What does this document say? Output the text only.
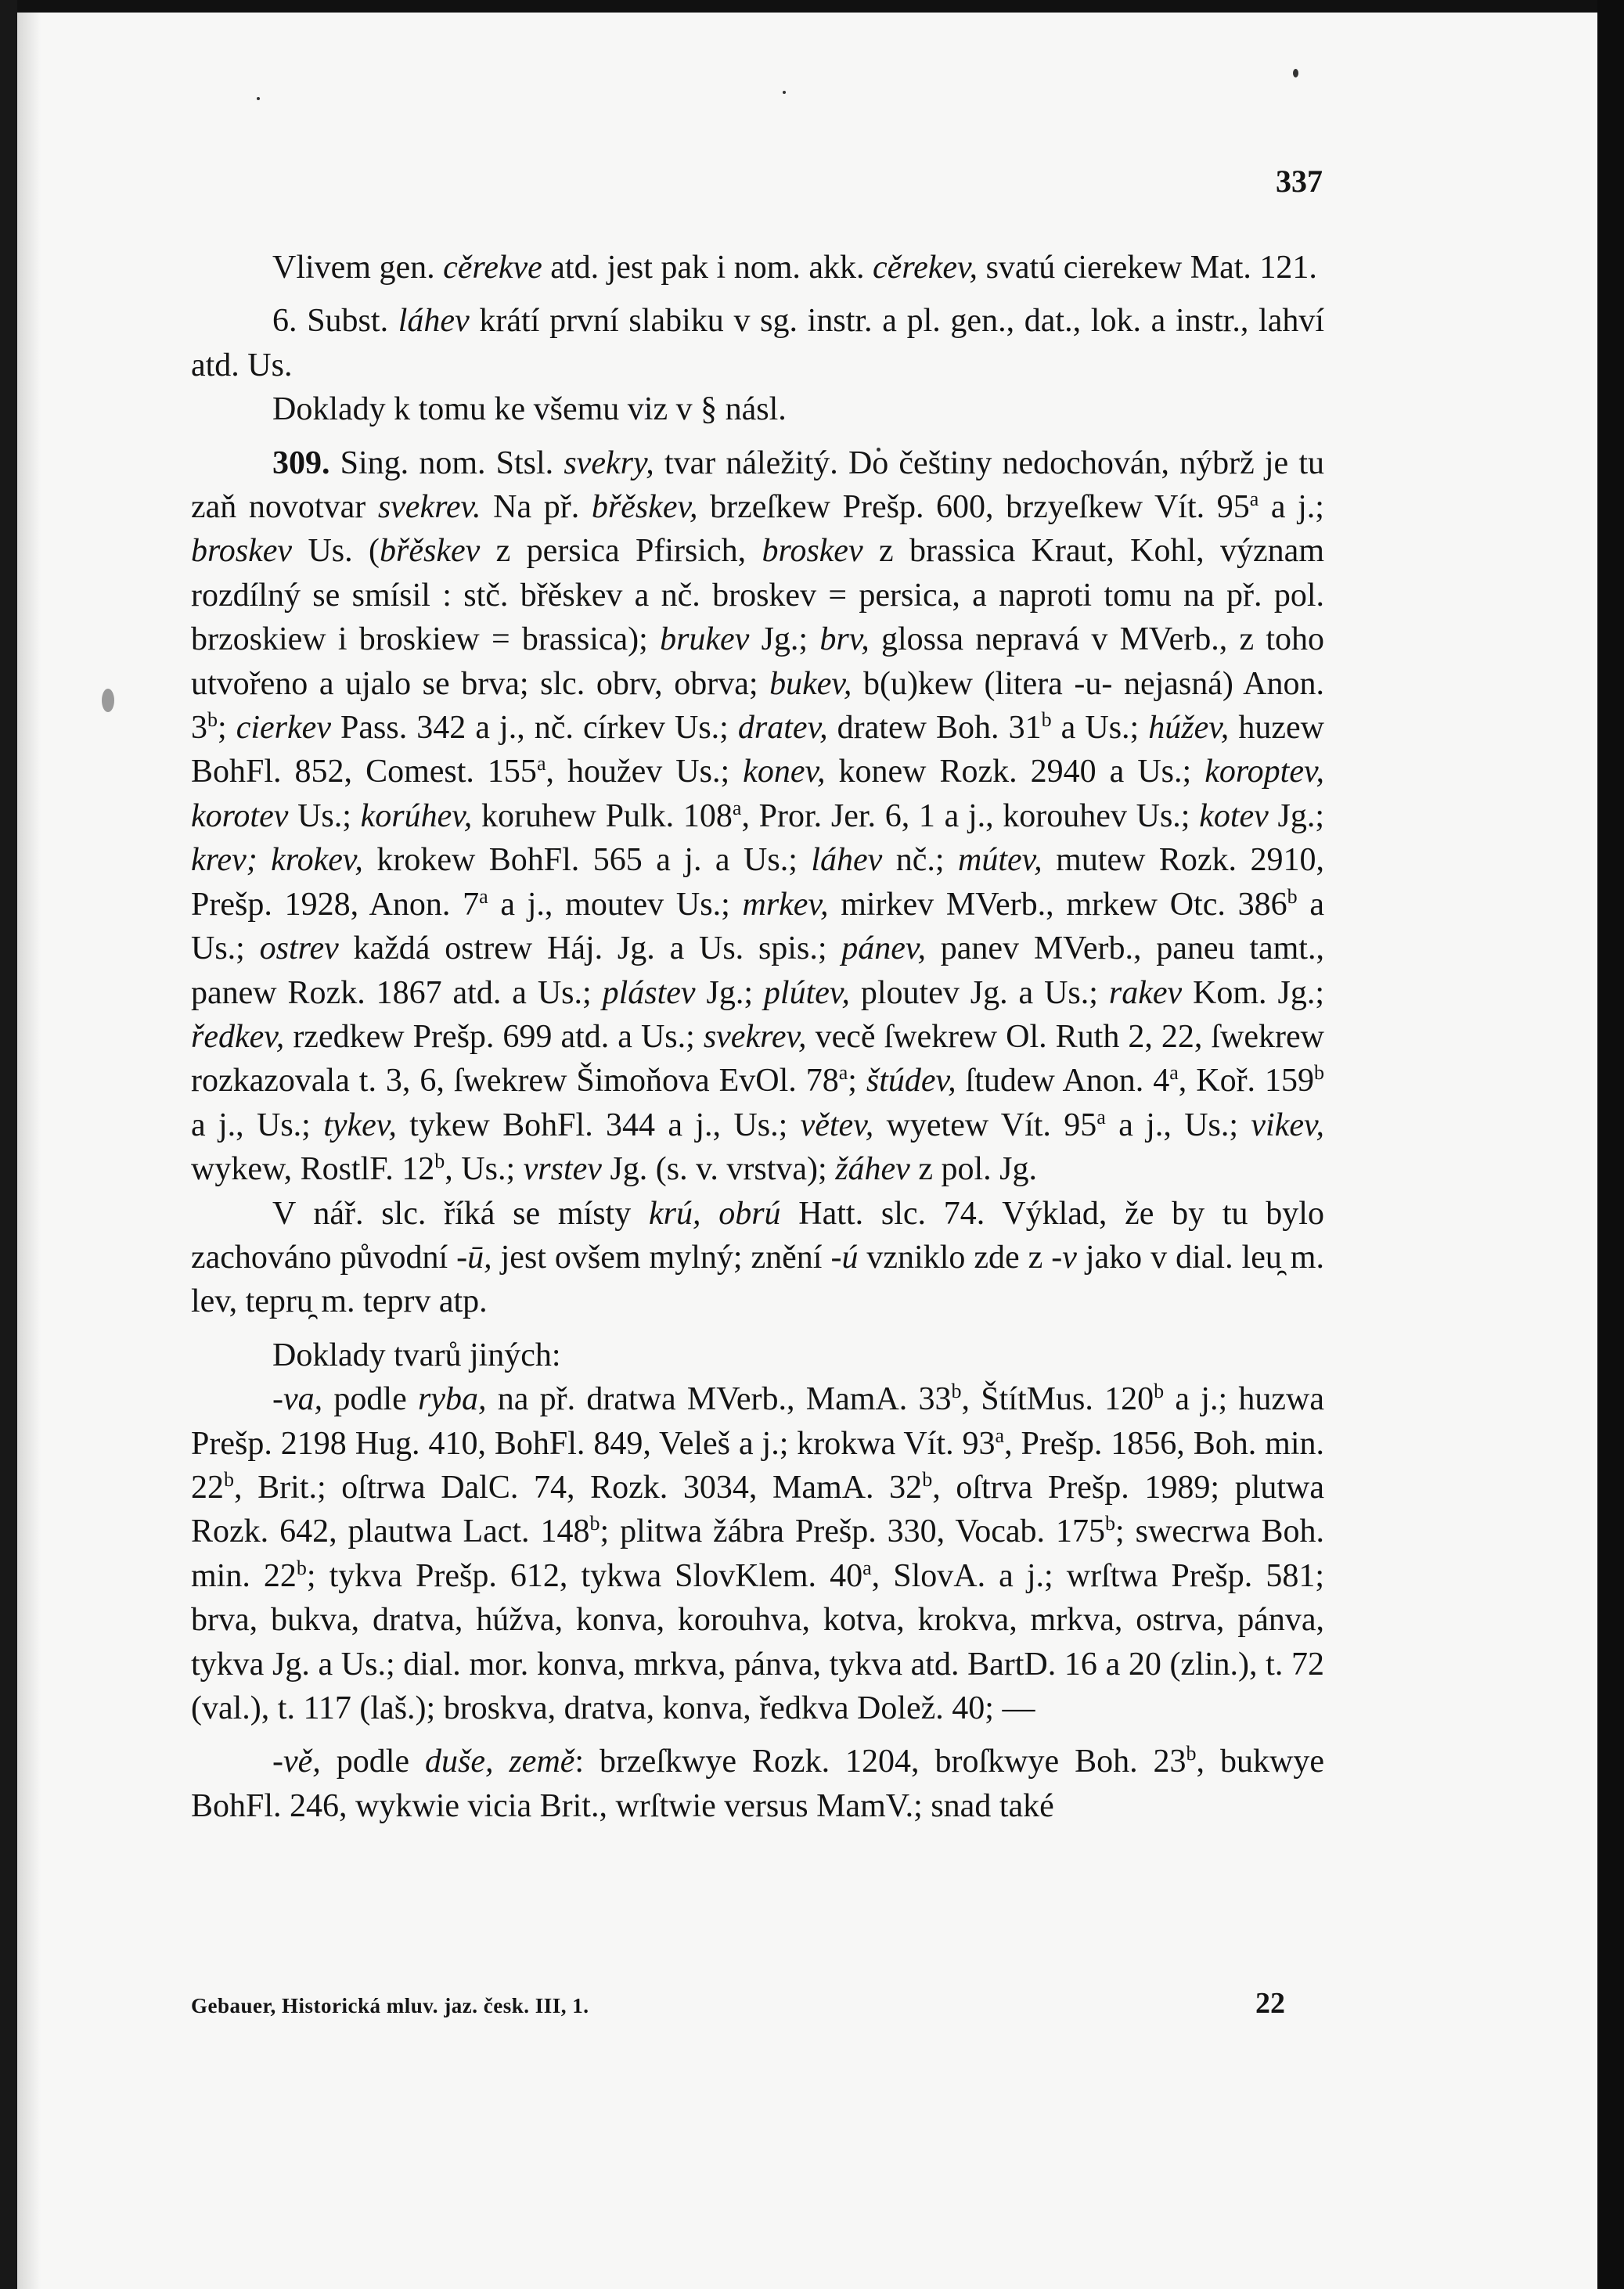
337

Vlivem gen. cěrekve atd. jest pak i nom. akk. cěrekev, svatú cierekew Mat. 121.

6. Subst. láhev krátí první slabiku v sg. instr. a pl. gen., dat., lok. a instr., lahví atd. Us.

Doklady k tomu ke všemu viz v § násl.

309. Sing. nom. Stsl. svekry, tvar náležitý. Do češtiny nedochován, nýbrž je tu zaň novotvar svekrev. Na př. břěskev, brzeſkew Prešp. 600, brzyeſkew Vít. 95$^a$ a j.; broskev Us. (břěskev z persica Pfirsich, broskev z brassica Kraut, Kohl, význam rozdílný se smísil : stč. břěskev a nč. broskev = persica, a naproti tomu na př. pol. brzoskiew i broskiew = brassica); brukev Jg.; brv, glossa nepravá v MVerb., z toho utvořeno a ujalo se brva; slc. obrv, obrva; bukev, b(u)kew (litera -u- nejasná) Anon. 3$^b$; cierkev Pass. 342 a j., nč. církev Us.; dratev, dratew Boh. 31$^b$ a Us.; húžev, huzew BohFl. 852, Comest. 155$^a$, houžev Us.; konev, konew Rozk. 2940 a Us.; koroptev, korotev Us.; korúhev, koruhew Pulk. 108$^a$, Pror. Jer. 6, 1 a j., korouhev Us.; kotev Jg.; krev; krokev, krokew BohFl. 565 a j. a Us.; láhev nč.; mútev, mutew Rozk. 2910, Prešp. 1928, Anon. 7$^a$ a j., moutev Us.; mrkev, mirkev MVerb., mrkew Otc. 386$^b$ a Us.; ostrev každá ostrew Háj. Jg. a Us. spis.; pánev, panev MVerb., paneu tamt., panew Rozk. 1867 atd. a Us.; plástev Jg.; plútev, ploutev Jg. a Us.; rakev Kom. Jg.; ředkev, rzedkew Prešp. 699 atd. a Us.; svekrev, vecě ſwekrew Ol. Ruth 2, 22, ſwekrew rozkazovala t. 3, 6, ſwekrew Šimoňova EvOl. 78$^a$; štúdev, ſtudew Anon. 4$^a$, Koř. 159$^b$ a j., Us.; tykev, tykew BohFl. 344 a j., Us.; větev, wyetew Vít. 95$^a$ a j., Us.; vikev, wykew, RostlF. 12$^b$, Us.; vrstev Jg. (s. v. vrstva); žáhev z pol. Jg.

V nář. slc. říká se místy krú, obrú Hatt. slc. 74. Výklad, že by tu bylo zachováno původní -ū, jest ovšem mylný; znění -ú vzniklo zde z -v jako v dial. leu̯ m. lev, tepru̯ m. teprv atp.

Doklady tvarů jiných:

-va, podle ryba, na př. dratwa MVerb., MamA. 33$^b$, ŠtítMus. 120$^b$ a j.; huzwa Prešp. 2198 Hug. 410, BohFl. 849, Veleš a j.; krokwa Vít. 93$^a$, Prešp. 1856, Boh. min. 22$^b$, Brit.; oſtrwa DalC. 74, Rozk. 3034, MamA. 32$^b$, oſtrva Prešp. 1989; plutwa Rozk. 642, plautwa Lact. 148$^b$; plitwa žábra Prešp. 330, Vocab. 175$^b$; swecrwa Boh. min. 22$^b$; tykva Prešp. 612, tykwa SlovKlem. 40$^a$, SlovA. a j.; wrſtwa Prešp. 581; brva, bukva, dratva, húžva, konva, korouhva, kotva, krokva, mrkva, ostrva, pánva, tykva Jg. a Us.; dial. mor. konva, mrkva, pánva, tykva atd. BartD. 16 a 20 (zlin.), t. 72 (val.), t. 117 (laš.); broskva, dratva, konva, ředkva Dolež. 40; —

-vě, podle duše, země: brzeſkwye Rozk. 1204, broſkwye Boh. 23$^b$, bukwye BohFl. 246, wykwie vicia Brit., wrſtwie versus MamV.; snad také

Gebauer, Historická mluv. jaz. česk. III, 1.	22
